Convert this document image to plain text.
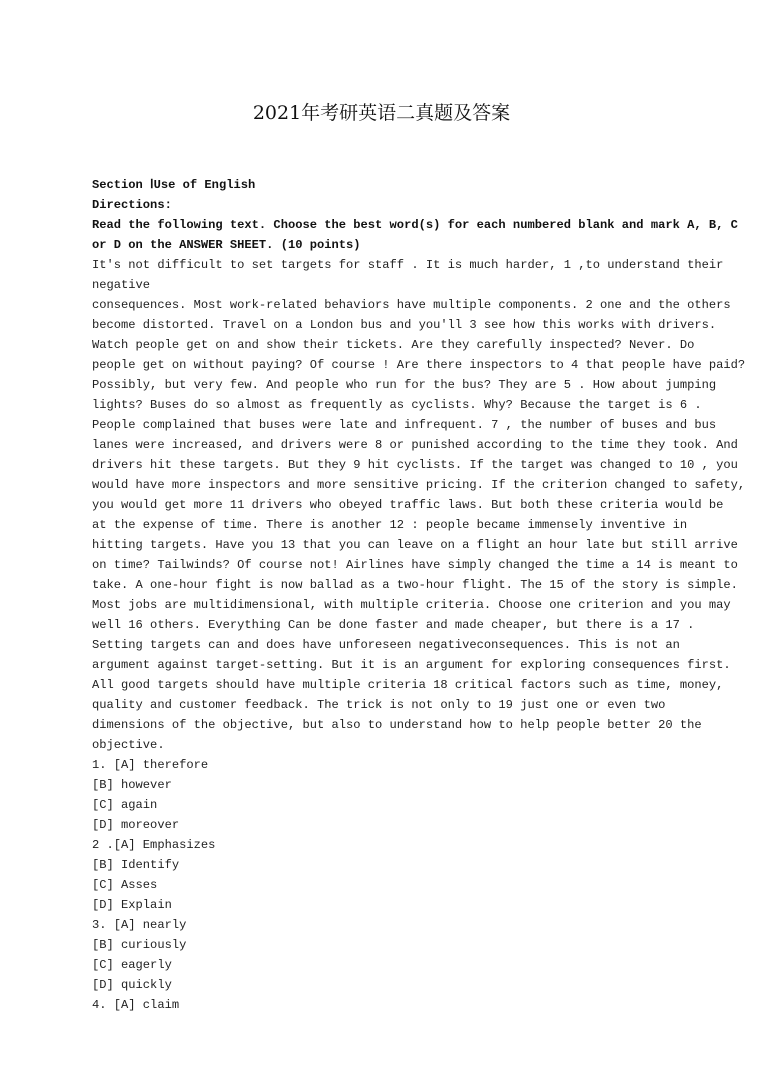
2021年考研英语二真题及答案
Section ⅠUse of English
Directions:
Read the following text. Choose the best word(s) for each numbered blank and mark A, B, C
or D on the ANSWER SHEET. (10 points)
It's not difficult to set targets for staff . It is much harder, 1 ,to understand their
negative
consequences. Most work-related behaviors have multiple components. 2 one and the others
become distorted. Travel on a London bus and you'll 3 see how this works with drivers.
Watch people get on and show their tickets. Are they carefully inspected? Never. Do
people get on without paying? Of course ! Are there inspectors to 4 that people have paid?
Possibly, but very few. And people who run for the bus? They are 5 . How about jumping
lights? Buses do so almost as frequently as cyclists. Why? Because the target is 6 .
People complained that buses were late and infrequent. 7 , the number of buses and bus
lanes were increased, and drivers were 8 or punished according to the time they took. And
drivers hit these targets. But they 9 hit cyclists. If the target was changed to 10 , you
would have more inspectors and more sensitive pricing. If the criterion changed to safety,
you would get more 11 drivers who obeyed traffic laws. But both these criteria would be
at the expense of time. There is another 12 : people became immensely inventive in
hitting targets. Have you 13 that you can leave on a flight an hour late but still arrive
on time? Tailwinds? Of course not! Airlines have simply changed the time a 14 is meant to
take. A one-hour fight is now ballad as a two-hour flight. The 15 of the story is simple.
Most jobs are multidimensional, with multiple criteria. Choose one criterion and you may
well 16 others. Everything Can be done faster and made cheaper, but there is a 17 .
Setting targets can and does have unforeseen negativeconsequences. This is not an
argument against target-setting. But it is an argument for exploring consequences first.
All good targets should have multiple criteria 18 critical factors such as time, money,
quality and customer feedback. The trick is not only to 19 just one or even two
dimensions of the objective, but also to understand how to help people better 20 the
objective.
1. [A] therefore
[B] however
[C] again
[D] moreover
2 .[A] Emphasizes
[B] Identify
[C] Asses
[D] Explain
3. [A] nearly
[B] curiously
[C] eagerly
[D] quickly
4. [A] claim
